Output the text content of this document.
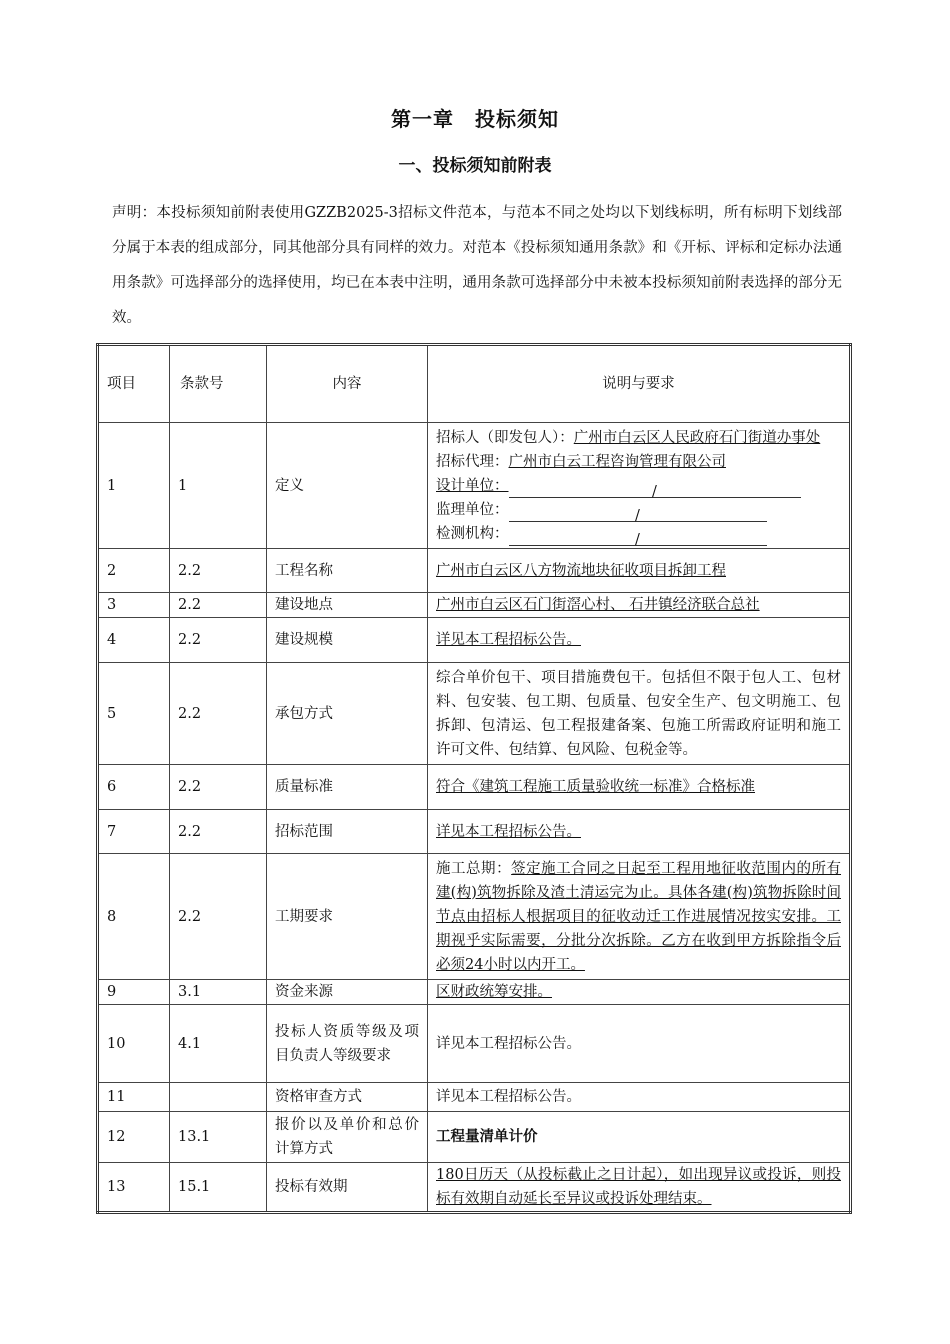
第一章　投标须知
一、投标须知前附表
声明：本投标须知前附表使用GZZB2025-3招标文件范本，与范本不同之处均以下划线标明，所有标明下划线部分属于本表的组成部分，同其他部分具有同样的效力。对范本《投标须知通用条款》和《开标、评标和定标办法通用条款》可选择部分的选择使用，均已在本表中注明，通用条款可选择部分中未被本投标须知前附表选择的部分无效。
项目	条款号	内容	说明与要求
1	1	定义	招标人（即发包人）：广州市白云区人民政府石门街道办事处
招标代理：广州市白云工程咨询管理有限公司
设计单位： /
监理单位： /
检测机构： /

2	2.2	工程名称	广州市白云区八方物流地块征收项目拆卸工程
3	2.2	建设地点	广州市白云区石门街滘心村、 石井镇经济联合总社
4	2.2	建设规模	详见本工程招标公告。
5	2.2	承包方式	综合单价包干、项目措施费包干。包括但不限于包人工、包材料、包安装、包工期、包质量、包安全生产、包文明施工、包拆卸、包清运、包工程报建备案、包施工所需政府证明和施工许可文件、包结算、包风险、包税金等。
6	2.2	质量标准	符合《建筑工程施工质量验收统一标准》合格标准
7	2.2	招标范围	详见本工程招标公告。
8	2.2	工期要求	施工总期：签定施工合同之日起至工程用地征收范围内的所有建(构)筑物拆除及渣土清运完为止。具体各建(构)筑物拆除时间节点由招标人根据项目的征收动迁工作进展情况按实安排。工期视乎实际需要，分批分次拆除。乙方在收到甲方拆除指令后必须24小时以内开工。
9	3.1	资金来源	区财政统筹安排。
10	4.1	投标人资质等级及项目负责人等级要求	详见本工程招标公告。
11		资格审查方式	详见本工程招标公告。
12	13.1	报价以及单价和总价计算方式	工程量清单计价
13	15.1	投标有效期	180日历天（从投标截止之日计起），如出现异议或投诉，则投标有效期自动延长至异议或投诉处理结束。
